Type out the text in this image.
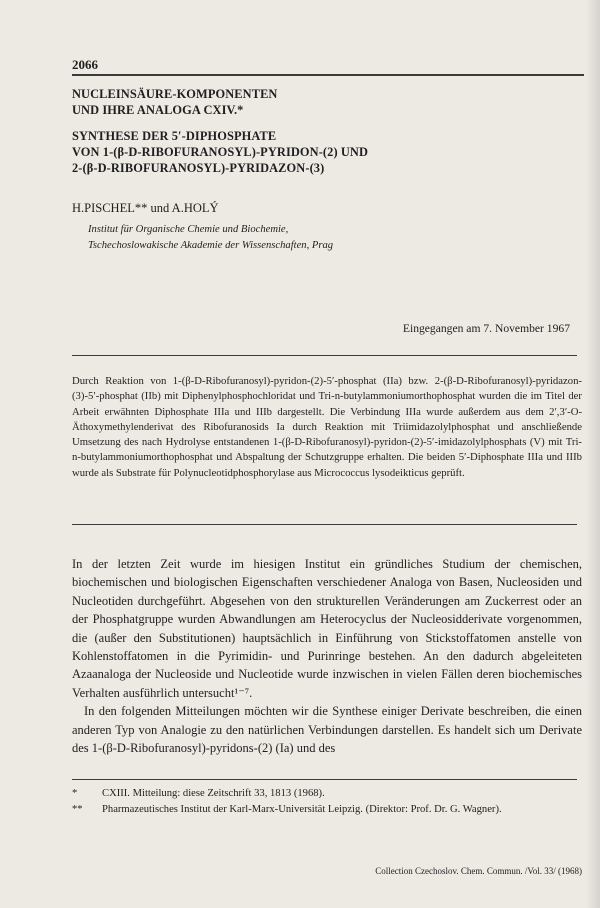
2066
NUCLEINSÄURE-KOMPONENTEN
UND IHRE ANALOGA CXIV.*
SYNTHESE DER 5′-DIPHOSPHATE
VON 1-(β-D-RIBOFURANOSYL)-PYRIDON-(2) UND
2-(β-D-RIBOFURANOSYL)-PYRIDAZON-(3)
H.PISCHEL** und A.HOLÝ
Institut für Organische Chemie und Biochemie,
Tschechoslowakische Akademie der Wissenschaften, Prag
Eingegangen am 7. November 1967
Durch Reaktion von 1-(β-D-Ribofuranosyl)-pyridon-(2)-5′-phosphat (IIa) bzw. 2-(β-D-Ribofuranosyl)-pyridazon-(3)-5′-phosphat (IIb) mit Diphenylphosphochloridat und Tri-n-butylammoniumorthophosphat wurden die im Titel der Arbeit erwähnten Diphosphate IIIa und IIIb dargestellt. Die Verbindung IIIa wurde außerdem aus dem 2′,3′-O-Äthoxymethylenderivat des Ribofuranosids Ia durch Reaktion mit Triimidazolylphosphat und anschließende Umsetzung des nach Hydrolyse entstandenen 1-(β-D-Ribofuranosyl)-pyridon-(2)-5′-imidazolylphosphats (V) mit Tri-n-butylammoniumorthophosphat und Abspaltung der Schutzgruppe erhalten. Die beiden 5′-Diphosphate IIIa und IIIb wurde als Substrate für Polynucleotidphosphorylase aus Micrococcus lysodeikticus geprüft.

In der letzten Zeit wurde im hiesigen Institut ein gründliches Studium der chemischen, biochemischen und biologischen Eigenschaften verschiedener Analoga von Basen, Nucleosiden und Nucleotiden durchgeführt. Abgesehen von den strukturellen Veränderungen am Zuckerrest oder an der Phosphatgruppe wurden Abwandlungen am Heterocyclus der Nucleosidderivate vorgenommen, die (außer den Substitutionen) hauptsächlich in Einführung von Stickstoffatomen anstelle von Kohlenstoffatomen in die Pyrimidin- und Purinringe bestehen. An den dadurch abgeleiteten Azaanaloga der Nucleoside und Nucleotide wurde inzwischen in vielen Fällen deren biochemisches Verhalten ausführlich untersucht¹⁻⁷.

In den folgenden Mitteilungen möchten wir die Synthese einiger Derivate beschreiben, die einen anderen Typ von Analogie zu den natürlichen Verbindungen darstellen. Es handelt sich um Derivate des 1-(β-D-Ribofuranosyl)-pyridons-(2) (Ia) und des

*	CXIII. Mitteilung: diese Zeitschrift 33, 1813 (1968).
**	Pharmazeutisches Institut der Karl-Marx-Universität Leipzig. (Direktor: Prof. Dr. G. Wagner).
Collection Czechoslov. Chem. Commun. /Vol. 33/ (1968)
